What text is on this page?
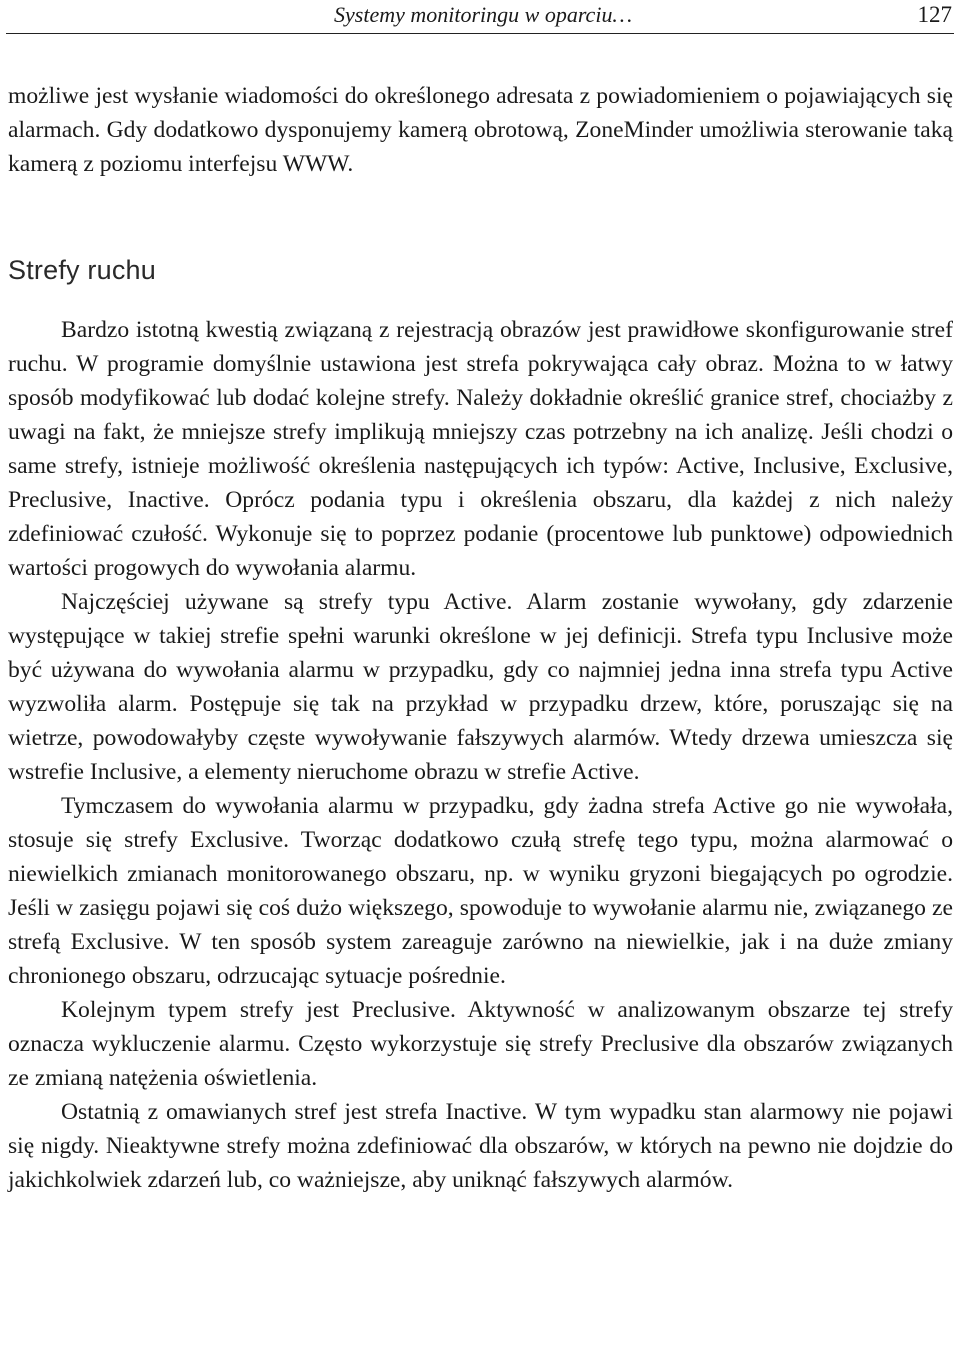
Systemy monitoringu w oparciu…	127

możliwe jest wysłanie wiadomości do określonego adresata z powiadomieniem o pojawiających się alarmach. Gdy dodatkowo dysponujemy kamerą obrotową, ZoneMinder umożliwia sterowanie taką kamerą z poziomu interfejsu WWW.

Strefy ruchu

Bardzo istotną kwestią związaną z rejestracją obrazów jest prawidłowe skonfigurowanie stref ruchu. W programie domyślnie ustawiona jest strefa pokrywająca cały obraz. Można to w łatwy sposób modyfikować lub dodać kolejne strefy. Należy dokładnie określić granice stref, chociażby z uwagi na fakt, że mniejsze strefy implikują mniejszy czas potrzebny na ich analizę. Jeśli chodzi o same strefy, istnieje możliwość określenia następujących ich typów: Active, Inclusive, Exclusive, Preclusive, Inactive. Oprócz podania typu i określenia obszaru, dla każdej z nich należy zdefiniować czułość. Wykonuje się to poprzez podanie (procentowe lub punktowe) odpowiednich wartości progowych do wywołania alarmu.

Najczęściej używane są strefy typu Active. Alarm zostanie wywołany, gdy zdarzenie występujące w takiej strefie spełni warunki określone w jej definicji. Strefa typu Inclusive może być używana do wywołania alarmu w przypadku, gdy co najmniej jedna inna strefa typu Active wyzwoliła alarm. Postępuje się tak na przykład w przypadku drzew, które, poruszając się na wietrze, powodowałyby częste wywoływanie fałszywych alarmów. Wtedy drzewa umieszcza się wstrefie Inclusive, a elementy nieruchome obrazu w strefie Active.

Tymczasem do wywołania alarmu w przypadku, gdy żadna strefa Active go nie wywołała, stosuje się strefy Exclusive. Tworząc dodatkowo czułą strefę tego typu, można alarmować o niewielkich zmianach monitorowanego obszaru, np. w wyniku gryzoni biegających po ogrodzie. Jeśli w zasięgu pojawi się coś dużo większego, spowoduje to wywołanie alarmu nie, związanego ze strefą Exclusive. W ten sposób system zareaguje zarówno na niewielkie, jak i na duże zmiany chronionego obszaru, odrzucając sytuacje pośrednie.

Kolejnym typem strefy jest Preclusive. Aktywność w analizowanym obszarze tej strefy oznacza wykluczenie alarmu. Często wykorzystuje się strefy Preclusive dla obszarów związanych ze zmianą natężenia oświetlenia.

Ostatnią z omawianych stref jest strefa Inactive. W tym wypadku stan alarmowy nie pojawi się nigdy. Nieaktywne strefy można zdefiniować dla obszarów, w których na pewno nie dojdzie do jakichkolwiek zdarzeń lub, co ważniejsze, aby uniknąć fałszywych alarmów.
